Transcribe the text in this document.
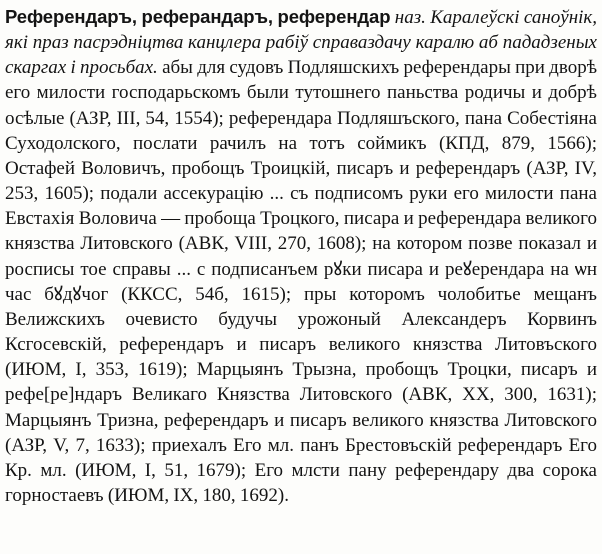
Референдаръ, реферандаръ, референдар наз. Каралеўскі саноўнік, які праз пасрэдніцтва канцлера рабіў справаздачу каралю аб пададзеных скаргах і просьбах. абы для судовъ Подляшскихъ референдары при дворѣ его милости господарьскомъ были тутошнего паньства родичы и добрѣ осѣлые (АЗР, III, 54, 1554); референдара Подляшъского, пана Собестіяна Суходолского, послати рачилъ на тотъ соймикъ (КПД, 879, 1566); Остафей Воловичъ, пробощъ Троицкій, писаръ и референдаръ (АЗР, IV, 253, 1605); подали ассекурацію ... съ подписомъ руки его милости пана Евстахія Воловича — пробоща Троцкого, писара и референдара великого князства Литовского (АВК, VIII, 270, 1608); на котором позве показал и росписы тое справы ... с подписанъем рꙋки писара и реꙋерендара на ѡн час бꙋдꙋчог (ККСС, 54б, 1615); пры которомъ чолобитье мещанъ Велижскихъ очевисто будучы урожоный Александеръ Корвинъ Ксгосевскій, референдаръ и писаръ великого князства Литовъского (ИЮМ, I, 353, 1619); Марцыянъ Трызна, пробощъ Троцки, писаръ и рефе[ре]ндаръ Великаго Князства Литовского (АВК, XX, 300, 1631); Марцыянъ Тризна, референдаръ и писаръ великого князства Литовского (АЗР, V, 7, 1633); приехалъ Его мл. панъ Брестовъскій референдаръ Его Кр. мл. (ИЮМ, I, 51, 1679); Его млсти пану референдару два сорока горностаевъ (ИЮМ, IX, 180, 1692).
